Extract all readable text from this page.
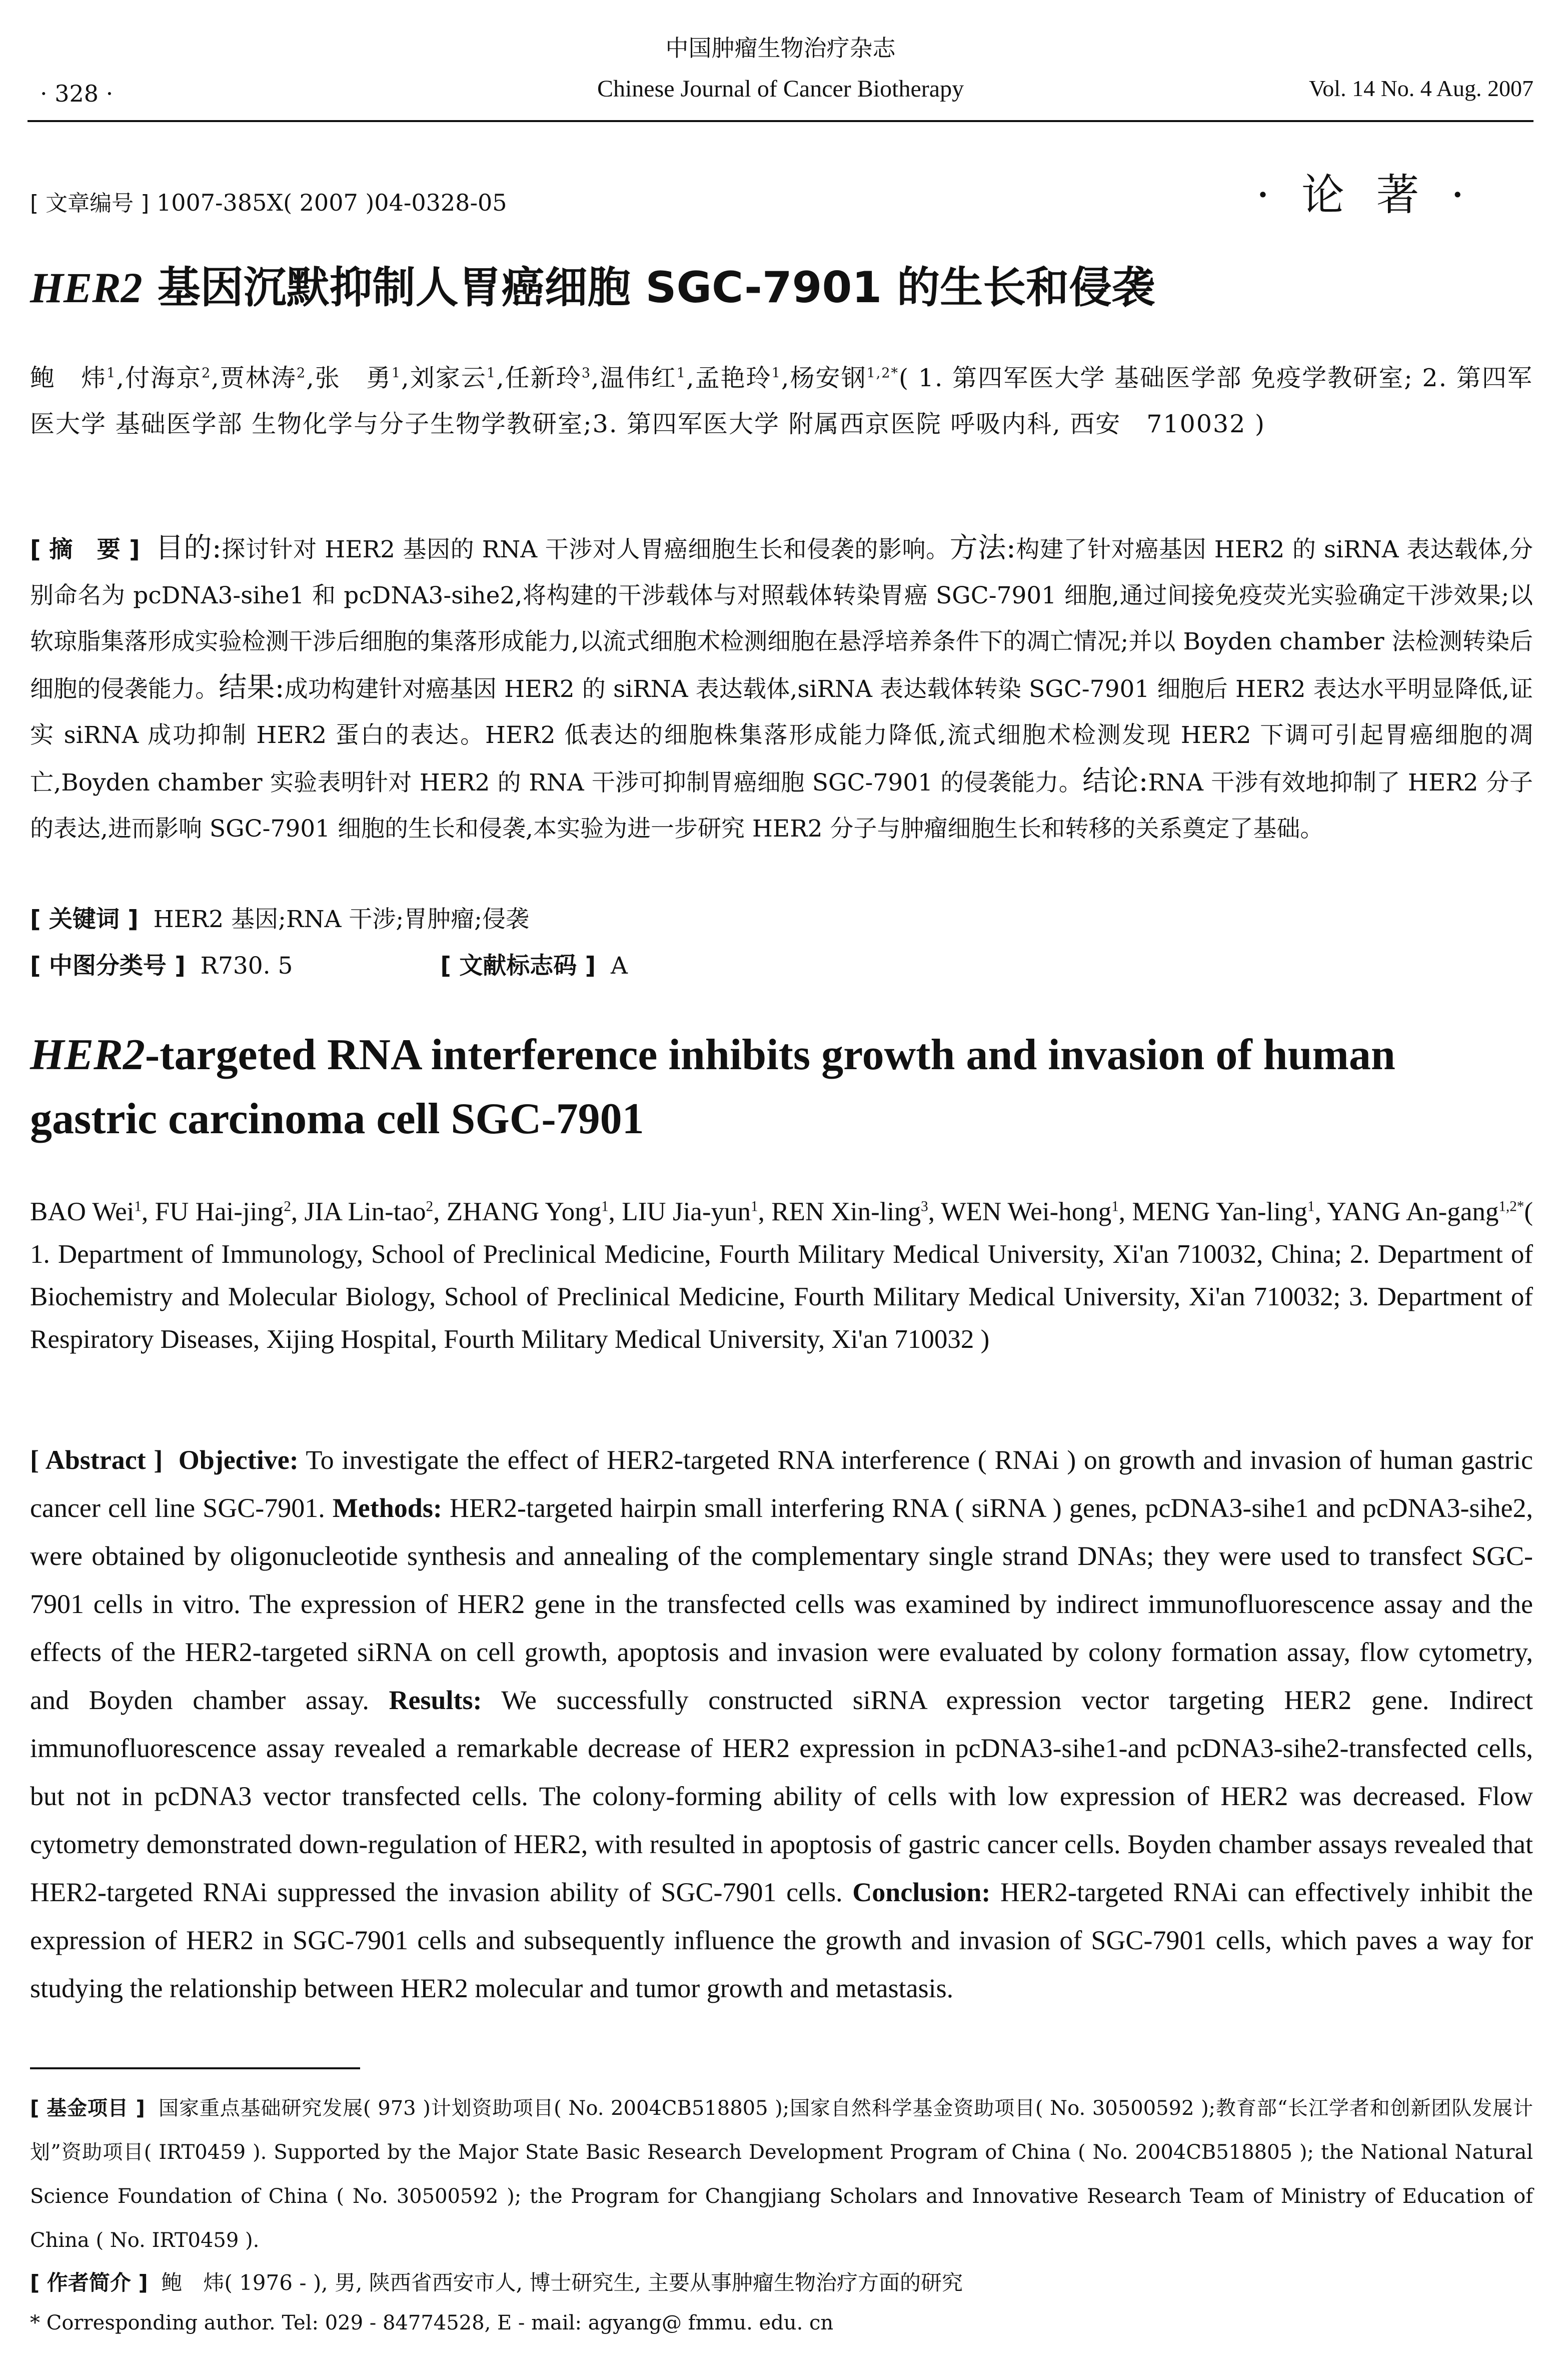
中国肿瘤生物治疗杂志
· 328 ·	Chinese Journal of Cancer Biotherapy	Vol. 14 No. 4 Aug. 2007
[ 文章编号 ] 1007-385X( 2007 )04-0328-05	· 论 著 ·
HER2 基因沉默抑制人胃癌细胞 SGC-7901 的生长和侵袭
鲍　炜$^1$,付海京$^2$,贾林涛$^2$,张　勇$^1$,刘家云$^1$,任新玲$^3$,温伟红$^1$,孟艳玲$^1$,杨安钢$^{1,2*}$( 1. 第四军医大学 基础医学部 免疫学教研室; 2. 第四军医大学 基础医学部 生物化学与分子生物学教研室;3. 第四军医大学 附属西京医院 呼吸内科, 西安　710032 )
[ 摘　要 ] 目的:探讨针对 HER2 基因的 RNA 干涉对人胃癌细胞生长和侵袭的影响。方法:构建了针对癌基因 HER2 的 siRNA 表达载体,分别命名为 pcDNA3-sihe1 和 pcDNA3-sihe2,将构建的干涉载体与对照载体转染胃癌 SGC-7901 细胞,通过间接免疫荧光实验确定干涉效果;以软琼脂集落形成实验检测干涉后细胞的集落形成能力,以流式细胞术检测细胞在悬浮培养条件下的凋亡情况;并以 Boyden chamber 法检测转染后细胞的侵袭能力。结果:成功构建针对癌基因 HER2 的 siRNA 表达载体,siRNA 表达载体转染 SGC-7901 细胞后 HER2 表达水平明显降低,证实 siRNA 成功抑制 HER2 蛋白的表达。HER2 低表达的细胞株集落形成能力降低,流式细胞术检测发现 HER2 下调可引起胃癌细胞的凋亡,Boyden chamber 实验表明针对 HER2 的 RNA 干涉可抑制胃癌细胞 SGC-7901 的侵袭能力。结论:RNA 干涉有效地抑制了 HER2 分子的表达,进而影响 SGC-7901 细胞的生长和侵袭,本实验为进一步研究 HER2 分子与肿瘤细胞生长和转移的关系奠定了基础。
[ 关键词 ] HER2 基因;RNA 干涉;胃肿瘤;侵袭
[ 中图分类号 ] R730. 5	[ 文献标志码 ] A
HER2-targeted RNA interference inhibits growth and invasion of human gastric carcinoma cell SGC-7901
BAO Wei$^1$, FU Hai-jing$^2$, JIA Lin-tao$^2$, ZHANG Yong$^1$, LIU Jia-yun$^1$, REN Xin-ling$^3$, WEN Wei-hong$^1$, MENG Yan-ling$^1$, YANG An-gang$^{1,2*}$( 1. Department of Immunology, School of Preclinical Medicine, Fourth Military Medical University, Xi'an 710032, China; 2. Department of Biochemistry and Molecular Biology, School of Preclinical Medicine, Fourth Military Medical University, Xi'an 710032; 3. Department of Respiratory Diseases, Xijing Hospital, Fourth Military Medical University, Xi'an 710032 )
[ Abstract ] Objective: To investigate the effect of HER2-targeted RNA interference ( RNAi ) on growth and invasion of human gastric cancer cell line SGC-7901. Methods: HER2-targeted hairpin small interfering RNA ( siRNA ) genes, pcDNA3-sihe1 and pcDNA3-sihe2, were obtained by oligonucleotide synthesis and annealing of the complementary single strand DNAs; they were used to transfect SGC-7901 cells in vitro. The expression of HER2 gene in the transfected cells was examined by indirect immunofluorescence assay and the effects of the HER2-targeted siRNA on cell growth, apoptosis and invasion were evaluated by colony formation assay, flow cytometry, and Boyden chamber assay. Results: We successfully constructed siRNA expression vector targeting HER2 gene. Indirect immunofluorescence assay revealed a remarkable decrease of HER2 expression in pcDNA3-sihe1-and pcDNA3-sihe2-transfected cells, but not in pcDNA3 vector transfected cells. The colony-forming ability of cells with low expression of HER2 was decreased. Flow cytometry demonstrated down-regulation of HER2, with resulted in apoptosis of gastric cancer cells. Boyden chamber assays revealed that HER2-targeted RNAi suppressed the invasion ability of SGC-7901 cells. Conclusion: HER2-targeted RNAi can effectively inhibit the expression of HER2 in SGC-7901 cells and subsequently influence the growth and invasion of SGC-7901 cells, which paves a way for studying the relationship between HER2 molecular and tumor growth and metastasis.
[ 基金项目 ] 国家重点基础研究发展( 973 )计划资助项目( No. 2004CB518805 );国家自然科学基金资助项目( No. 30500592 );教育部“长江学者和创新团队发展计划”资助项目( IRT0459 ). Supported by the Major State Basic Research Development Program of China ( No. 2004CB518805 ); the National Natural Science Foundation of China ( No. 30500592 ); the Program for Changjiang Scholars and Innovative Research Team of Ministry of Education of China ( No. IRT0459 ).
[ 作者简介 ] 鲍　炜( 1976 - ), 男, 陕西省西安市人, 博士研究生, 主要从事肿瘤生物治疗方面的研究
* Corresponding author. Tel: 029 - 84774528, E - mail: agyang@ fmmu. edu. cn
